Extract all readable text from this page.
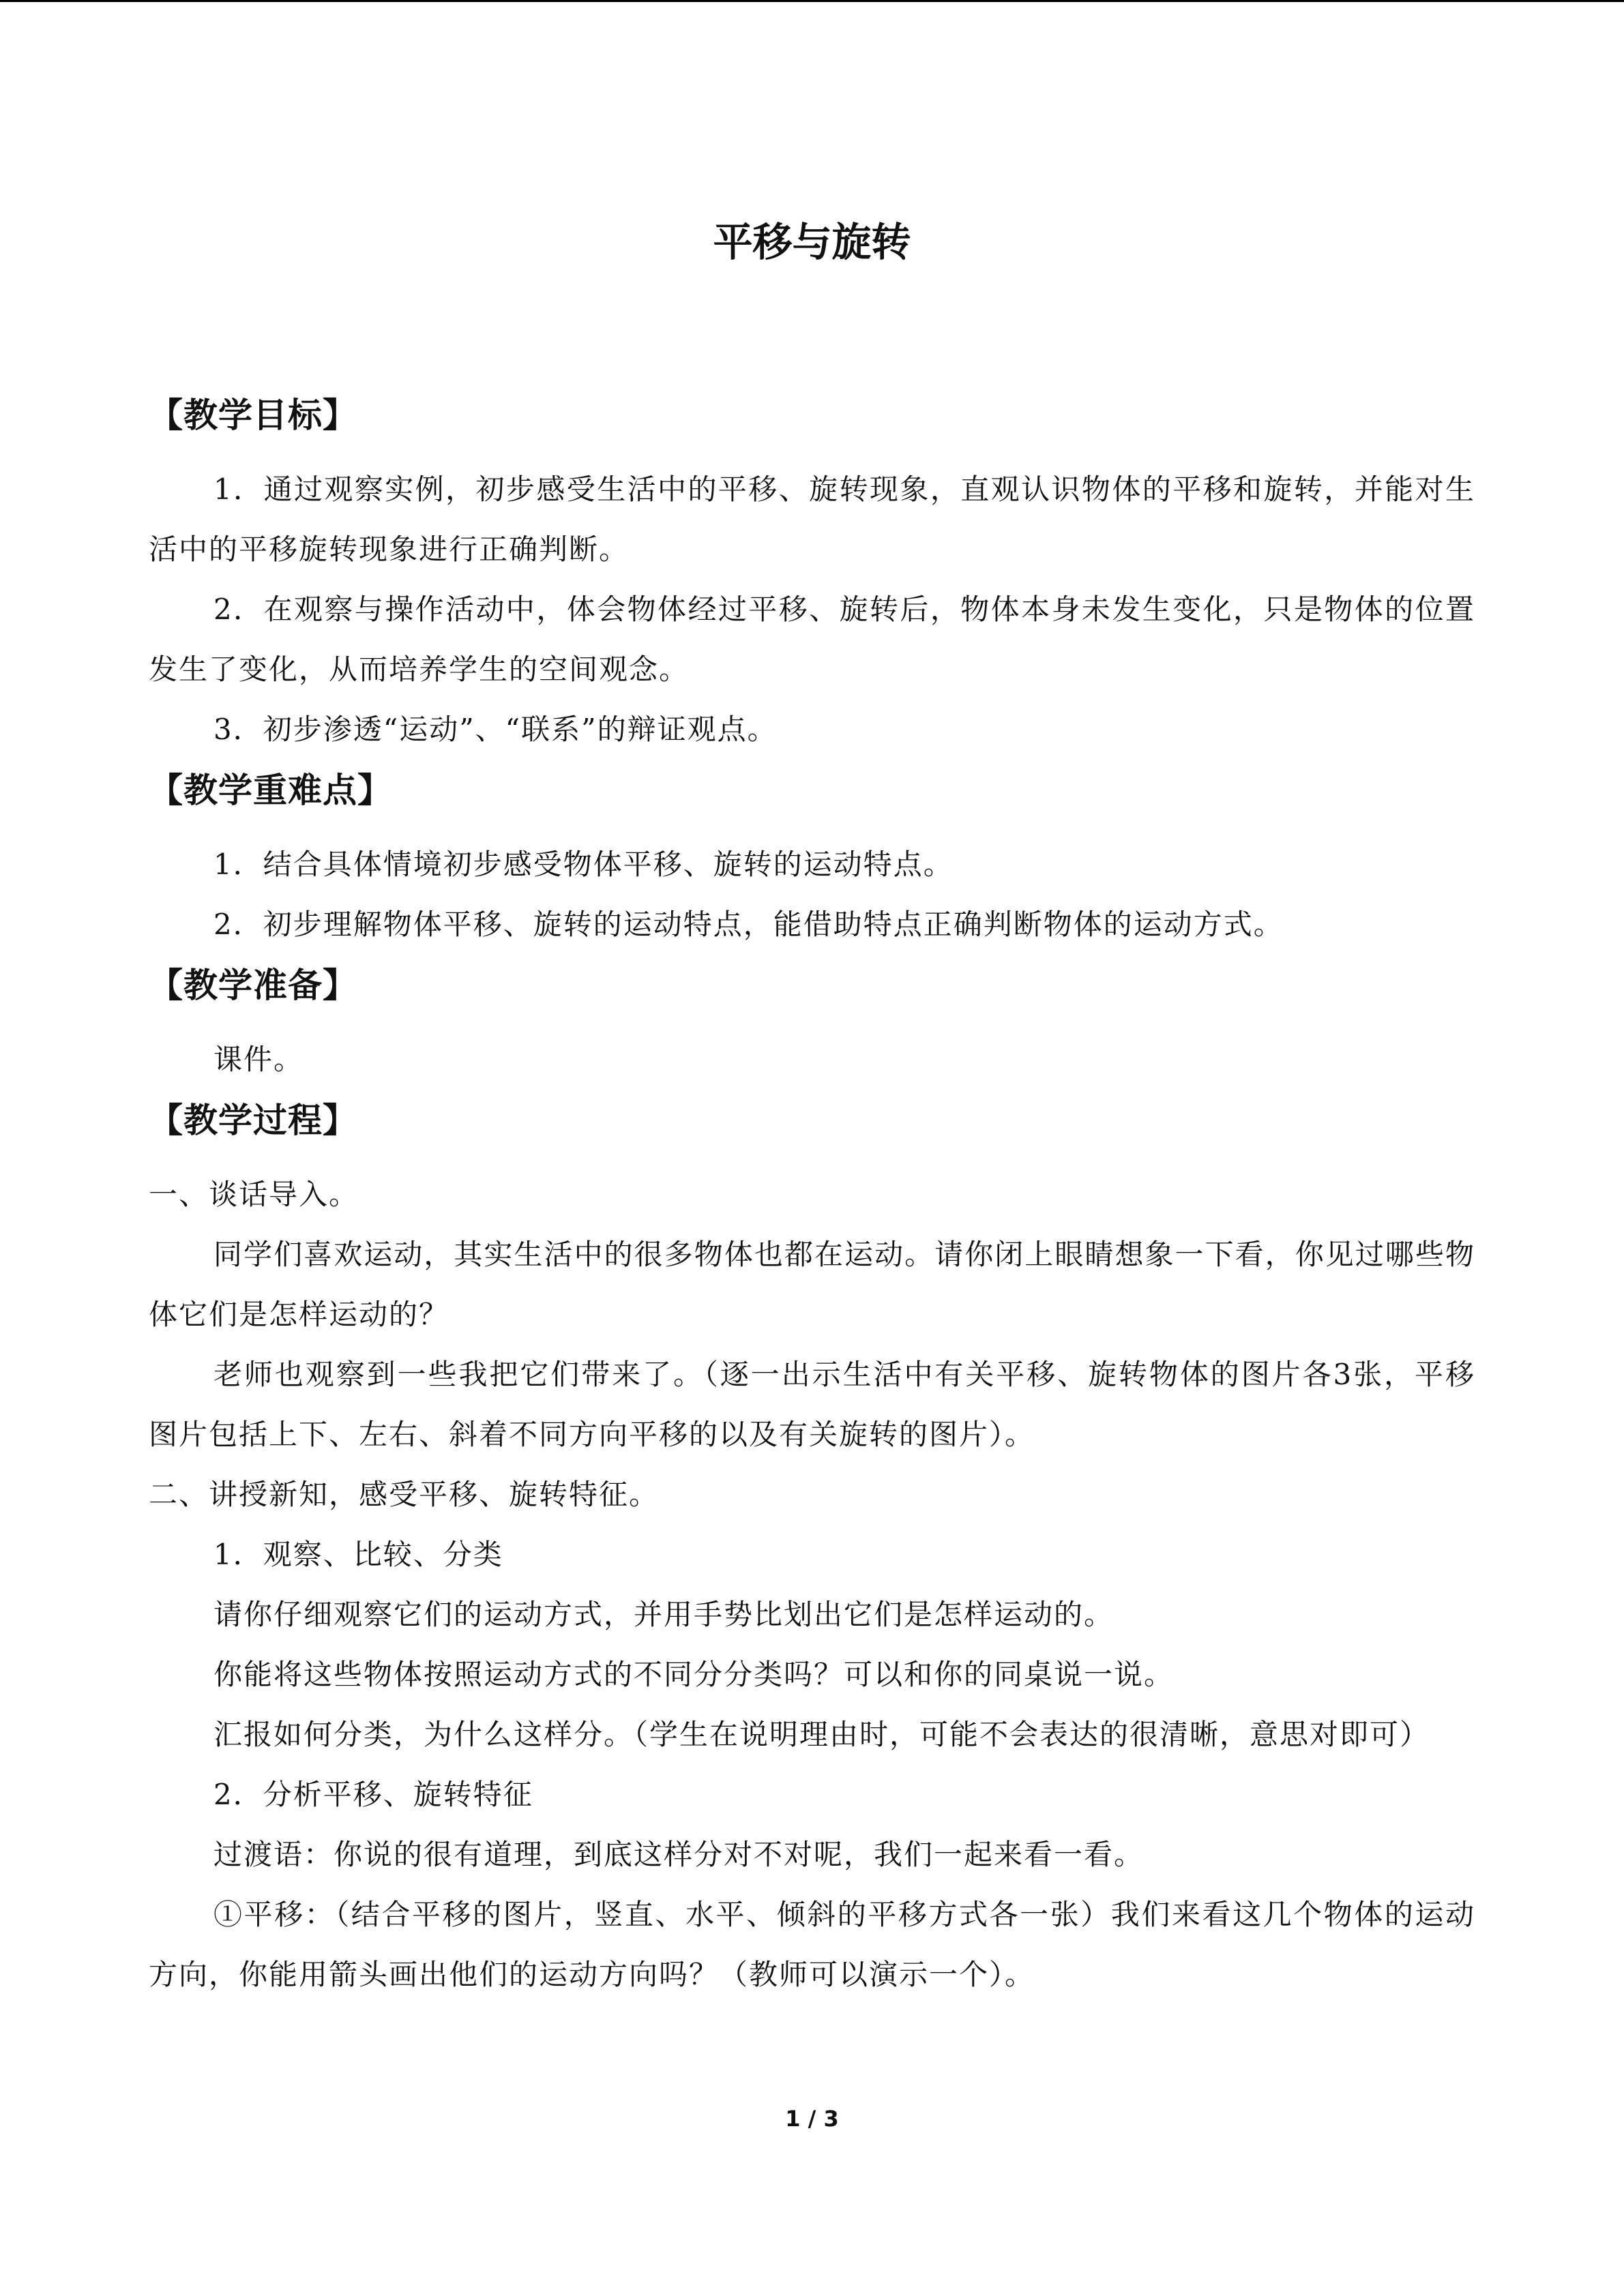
平移与旋转
【教学目标】

1．通过观察实例，初步感受生活中的平移、旋转现象，直观认识物体的平移和旋转，并能对生活中的平移旋转现象进行正确判断。

2．在观察与操作活动中，体会物体经过平移、旋转后，物体本身未发生变化，只是物体的位置发生了变化，从而培养学生的空间观念。

3．初步渗透“运动”、“联系”的辩证观点。

【教学重难点】

1．结合具体情境初步感受物体平移、旋转的运动特点。

2．初步理解物体平移、旋转的运动特点，能借助特点正确判断物体的运动方式。

【教学准备】

课件。

【教学过程】

一、谈话导入。

同学们喜欢运动，其实生活中的很多物体也都在运动。请你闭上眼睛想象一下看，你见过哪些物体它们是怎样运动的？

老师也观察到一些我把它们带来了。（逐一出示生活中有关平移、旋转物体的图片各3张，平移图片包括上下、左右、斜着不同方向平移的以及有关旋转的图片）。

二、讲授新知，感受平移、旋转特征。

1．观察、比较、分类

请你仔细观察它们的运动方式，并用手势比划出它们是怎样运动的。

你能将这些物体按照运动方式的不同分分类吗？可以和你的同桌说一说。

汇报如何分类，为什么这样分。（学生在说明理由时，可能不会表达的很清晰，意思对即可）

2．分析平移、旋转特征

过渡语：你说的很有道理，到底这样分对不对呢，我们一起来看一看。

①平移：（结合平移的图片，竖直、水平、倾斜的平移方式各一张）我们来看这几个物体的运动方向，你能用箭头画出他们的运动方向吗？（教师可以演示一个）。

1 / 3
